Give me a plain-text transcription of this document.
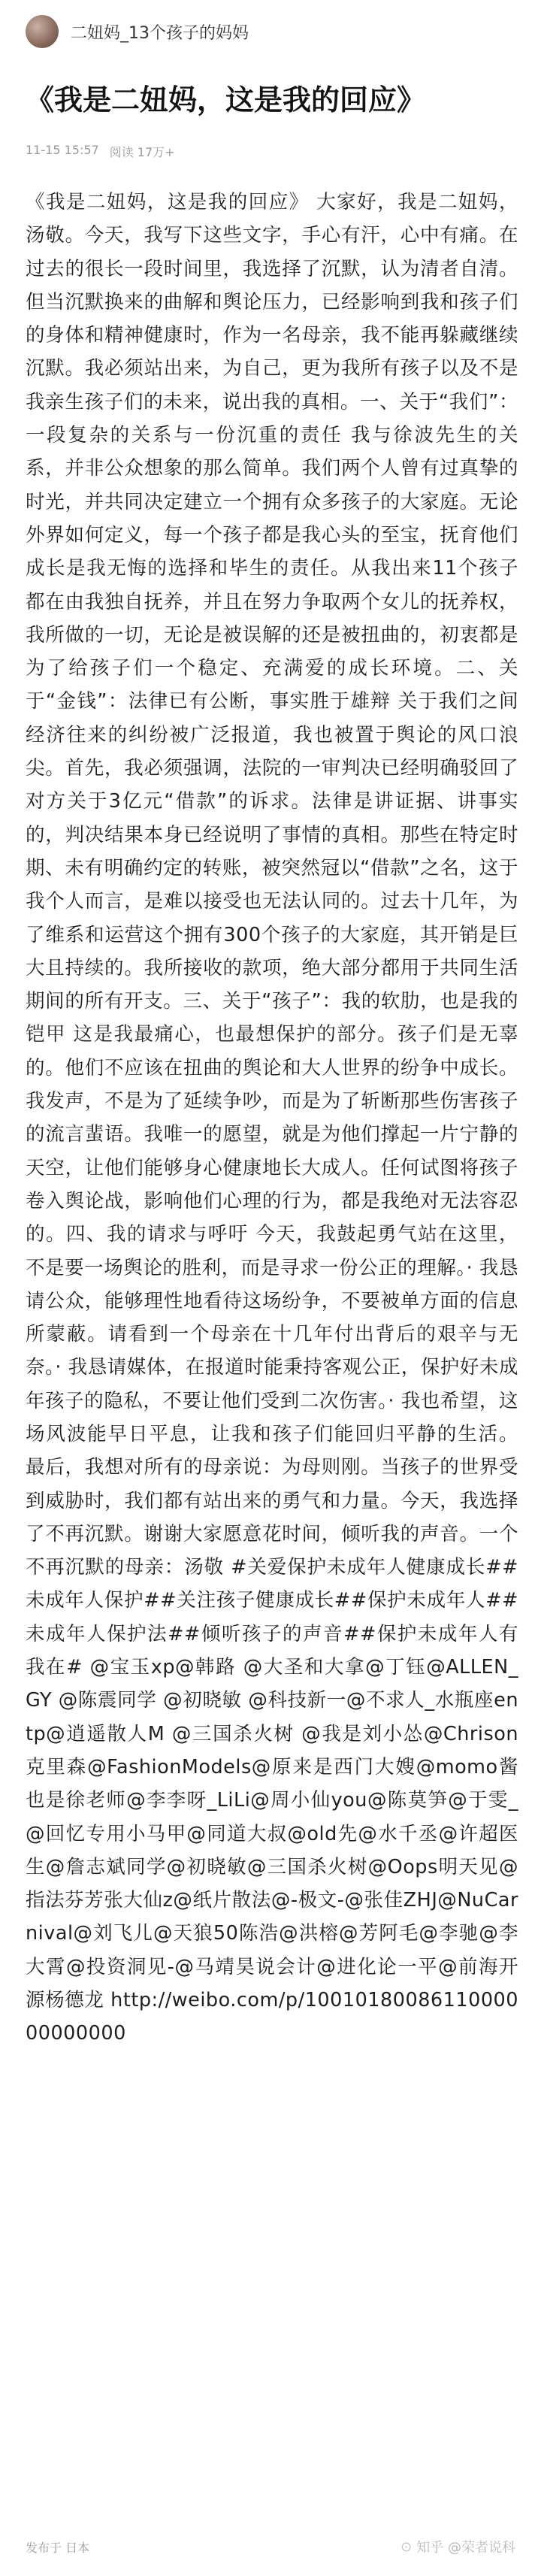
二妞妈_13个孩子的妈妈
《我是二妞妈，这是我的回应》
11-15 15:57 阅读 17万+
《我是二妞妈，这是我的回应》 大家好，我是二妞妈，汤敬。今天，我写下这些文字，手心有汗，心中有痛。在过去的很长一段时间里，我选择了沉默，认为清者自清。但当沉默换来的曲解和舆论压力，已经影响到我和孩子们的身体和精神健康时，作为一名母亲，我不能再躲藏继续沉默。我必须站出来，为自己，更为我所有孩子以及不是我亲生孩子们的未来，说出我的真相。一、关于“我们”：一段复杂的关系与一份沉重的责任 我与徐波先生的关系，并非公众想象的那么简单。我们两个人曾有过真挚的时光，并共同决定建立一个拥有众多孩子的大家庭。无论外界如何定义，每一个孩子都是我心头的至宝，抚育他们成长是我无悔的选择和毕生的责任。从我出来11个孩子都在由我独自抚养，并且在努力争取两个女儿的抚养权，我所做的一切，无论是被误解的还是被扭曲的，初衷都是为了给孩子们一个稳定、充满爱的成长环境。二、关于“金钱”：法律已有公断，事实胜于雄辩 关于我们之间经济往来的纠纷被广泛报道，我也被置于舆论的风口浪尖。首先，我必须强调，法院的一审判决已经明确驳回了对方关于3亿元“借款”的诉求。法律是讲证据、讲事实的，判决结果本身已经说明了事情的真相。那些在特定时期、未有明确约定的转账，被突然冠以“借款”之名，这于我个人而言，是难以接受也无法认同的。过去十几年，为了维系和运营这个拥有300个孩子的大家庭，其开销是巨大且持续的。我所接收的款项，绝大部分都用于共同生活期间的所有开支。三、关于“孩子”：我的软肋，也是我的铠甲 这是我最痛心，也最想保护的部分。孩子们是无辜的。他们不应该在扭曲的舆论和大人世界的纷争中成长。我发声，不是为了延续争吵，而是为了斩断那些伤害孩子的流言蜚语。我唯一的愿望，就是为他们撑起一片宁静的天空，让他们能够身心健康地长大成人。任何试图将孩子卷入舆论战，影响他们心理的行为，都是我绝对无法容忍的。四、我的请求与呼吁 今天，我鼓起勇气站在这里，不是要一场舆论的胜利，而是寻求一份公正的理解。· 我恳请公众，能够理性地看待这场纷争，不要被单方面的信息所蒙蔽。请看到一个母亲在十几年付出背后的艰辛与无奈。· 我恳请媒体，在报道时能秉持客观公正，保护好未成年孩子的隐私，不要让他们受到二次伤害。· 我也希望，这场风波能早日平息，让我和孩子们能回归平静的生活。 最后，我想对所有的母亲说：为母则刚。当孩子的世界受到威胁时，我们都有站出来的勇气和力量。今天，我选择了不再沉默。谢谢大家愿意花时间，倾听我的声音。一个不再沉默的母亲：汤敬 #关爱保护未成年人健康成长##未成年人保护##关注孩子健康成长##保护未成年人##未成年人保护法##倾听孩子的声音##保护未成年人有我在# @宝玉xp@韩路 @大圣和大拿@丁钰@ALLEN_GY @陈震同学 @初晓敏 @科技新一@不求人_水瓶座entp@逍遥散人M @三国杀火树 @我是刘小怂@Chrison克里森@FashionModels@原来是西门大嫂@momo酱也是徐老师@李李呀_LiLi@周小仙you@陈莫笋@于雯_@回忆专用小马甲@同道大叔@old先@水千丞@许超医生@詹志斌同学@初晓敏@三国杀火树@Oops明天见@指法芬芳张大仙z@纸片散法@-极文-@张佳ZHJ@NuCarnival@刘飞儿@天狼50陈浩@洪榕@芳阿毛@李驰@李大霄@投资洞见-@马靖昊说会计@进化论一平@前海开源杨德龙 http://weibo.com/p/1001018008611000000000000
发布于 日本	⊙ 知乎 @荣者说科
